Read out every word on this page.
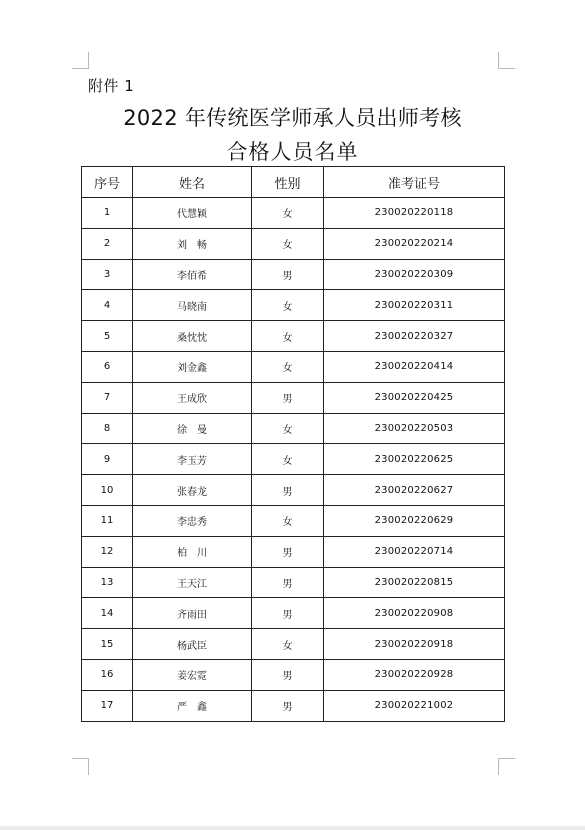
附件 1
2022 年传统医学师承人员出师考核
合格人员名单
序号	姓名	性别	准考证号
1	代慧颖	女	230020220118
2	刘　畅	女	230020220214
3	李佰希	男	230020220309
4	马晓南	女	230020220311
5	桑忱忱	女	230020220327
6	刘金鑫	女	230020220414
7	王成欣	男	230020220425
8	徐　曼	女	230020220503
9	李玉芳	女	230020220625
10	张春龙	男	230020220627
11	李忠秀	女	230020220629
12	柏　川	男	230020220714
13	王天江	男	230020220815
14	齐雨田	男	230020220908
15	杨武臣	女	230020220918
16	姜宏霓	男	230020220928
17	严　鑫	男	230020221002
